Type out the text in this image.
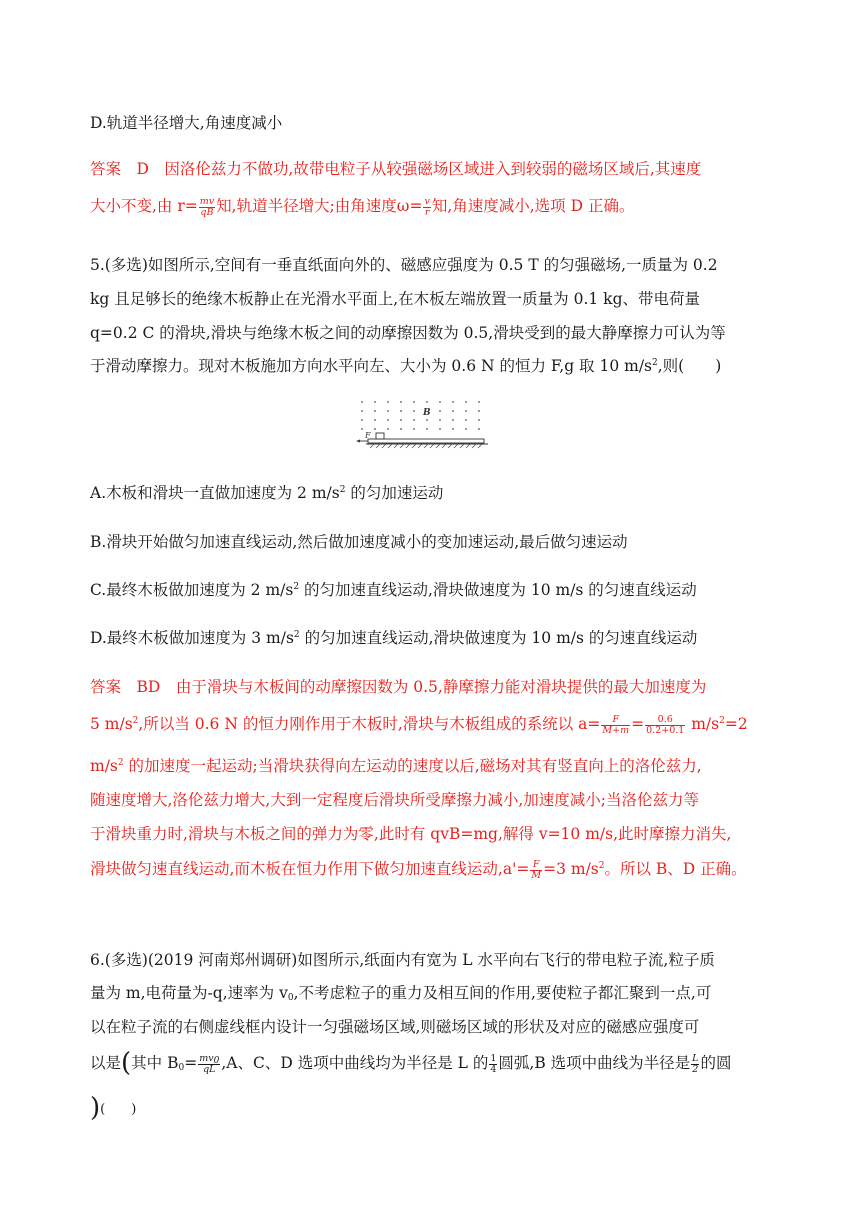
D.轨道半径增大,角速度减小
答案　D　因洛伦兹力不做功,故带电粒子从较强磁场区域进入到较弱的磁场区域后,其速度
大小不变,由 $r= \frac{mv}{qB}$ 知,轨道半径增大;由角速度$\omega= \frac{v}{r}$ 知,角速度减小,选项 D 正确。
5.(多选)如图所示,空间有一垂直纸面向外的、磁感应强度为 0.5 T 的匀强磁场,一质量为 0.2
kg 且足够长的绝缘木板静止在光滑水平面上,在木板左端放置一质量为 0.1 kg、带电荷量
q=0.2 C 的滑块,滑块与绝缘木板之间的动摩擦因数为 0.5,滑块受到的最大静摩擦力可认为等
于滑动摩擦力。现对木板施加方向水平向左、大小为 0.6 N 的恒力 F,g 取 10 $m/s^2$,则(　　)
B
F
A.木板和滑块一直做加速度为 2 $m/s^2$ 的匀加速运动
B.滑块开始做匀加速直线运动,然后做加速度减小的变加速运动,最后做匀速运动
C.最终木板做加速度为 2 $m/s^2$ 的匀加速直线运动,滑块做速度为 10 m/s 的匀速直线运动
D.最终木板做加速度为 3 $m/s^2$ 的匀加速直线运动,滑块做速度为 10 m/s 的匀速直线运动
答案　BD　由于滑块与木板间的动摩擦因数为 0.5,静摩擦力能对滑块提供的最大加速度为
5 $m/s^2$,所以当 0.6 N 的恒力刚作用于木板时,滑块与木板组成的系统以 $a= \frac{F}{M+m} = \frac{0.6}{0.2+0.1} m/s^2=2$
$m/s^2$ 的加速度一起运动;当滑块获得向左运动的速度以后,磁场对其有竖直向上的洛伦兹力,
随速度增大,洛伦兹力增大,大到一定程度后滑块所受摩擦力减小,加速度减小;当洛伦兹力等
于滑块重力时,滑块与木板之间的弹力为零,此时有 qvB=mg,解得 v=10 m/s,此时摩擦力消失,
滑块做匀速直线运动,而木板在恒力作用下做匀加速直线运动$,a'= \frac{F}{M} =3$ $m/s^2$。所以 B、D 正确。
6.(多选)(2019 河南郑州调研)如图所示,纸面内有宽为 L 水平向右飞行的带电粒子流,粒子质
量为 m,电荷量为-q,速率为 $v_0$,不考虑粒子的重力及相互间的作用,要使粒子都汇聚到一点,可
以在粒子流的右侧虚线框内设计一匀强磁场区域,则磁场区域的形状及对应的磁感应强度可
以是(其中 $B_0= \frac{mv_0}{qL} ,A$、C、D 选项中曲线均为半径是 L 的 $\frac{1}{4}$ 圆弧,B 选项中曲线为半径是 $\frac{L}{2}$ 的圆
)(　　)
